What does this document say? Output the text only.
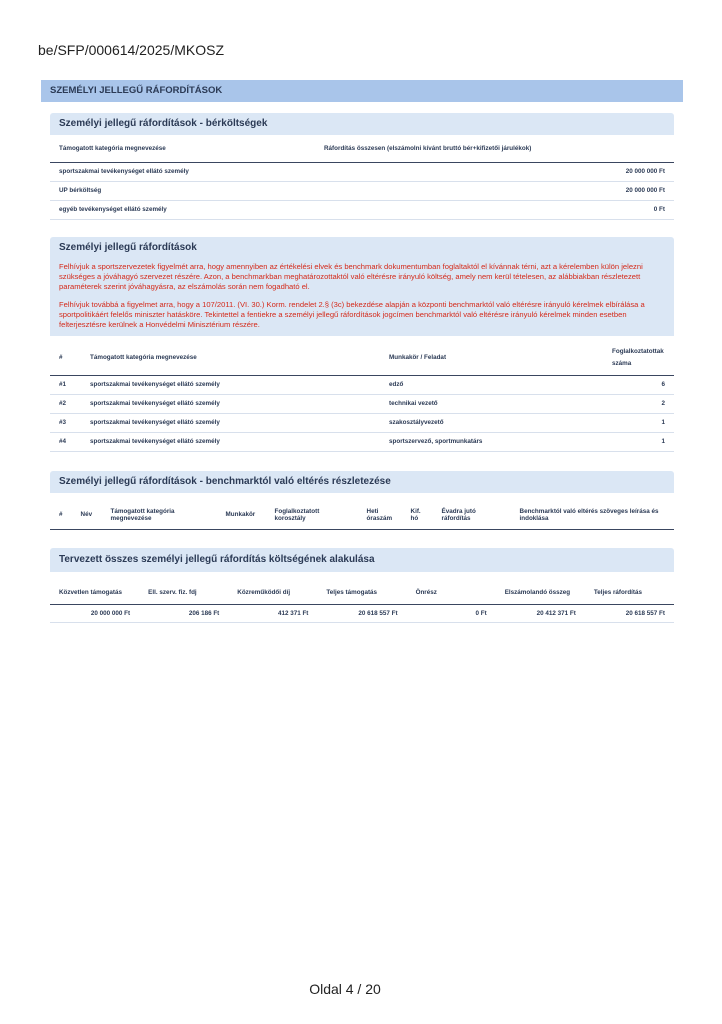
be/SFP/000614/2025/MKOSZ
SZEMÉLYI JELLEGŰ RÁFORDÍTÁSOK
Személyi jellegű ráfordítások - bérköltségek
Támogatott kategória megnevezése	Ráfordítás összesen (elszámolni kívánt bruttó bér+kifizetői járulékok)
sportszakmai tevékenységet ellátó személy	20 000 000 Ft
UP bérköltség	20 000 000 Ft
egyéb tevékenységet ellátó személy	0 Ft
Személyi jellegű ráfordítások

Felhívjuk a sportszervezetek figyelmét arra, hogy amennyiben az értékelési elvek és benchmark dokumentumban foglaltaktól el kívánnak térni, azt a kérelemben külön jelezni szükséges a jóváhagyó szervezet részére. Azon, a benchmarkban meghatározottaktól való eltérésre irányuló költség, amely nem kerül tételesen, az alábbiakban részletezett paraméterek szerint jóváhagyásra, az elszámolás során nem fogadható el.

Felhívjuk továbbá a figyelmet arra, hogy a 107/2011. (VI. 30.) Korm. rendelet 2.§ (3c) bekezdése alapján a központi benchmarktól való eltérésre irányuló kérelmek elbírálása a sportpolitikáért felelős miniszter hatásköre. Tekintettel a fentiekre a személyi jellegű ráfordítások jogcímen benchmarktól való eltérésre irányuló kérelmek minden esetben felterjesztésre kerülnek a Honvédelmi Minisztérium részére.

#	Támogatott kategória megnevezése	Munkakör / Feladat	Foglalkoztatottak száma
#1	sportszakmai tevékenységet ellátó személy	edző	6
#2	sportszakmai tevékenységet ellátó személy	technikai vezető	2
#3	sportszakmai tevékenységet ellátó személy	szakosztályvezető	1
#4	sportszakmai tevékenységet ellátó személy	sportszervező, sportmunkatárs	1
Személyi jellegű ráfordítások - benchmarktól való eltérés részletezése
#	Név	Támogatott kategória megnevezése	Munkakör	Foglalkoztatott korosztály	Heti óraszám	Kif. hó	Évadra jutó ráfordítás	Benchmarktól való eltérés szöveges leírása és indoklása
Tervezett összes személyi jellegű ráfordítás költségének alakulása
Közvetlen támogatás	Ell. szerv. fiz. fdj	Közreműködői díj	Teljes támogatás	Önrész	Elszámolandó összeg	Teljes ráfordítás
20 000 000 Ft	206 186 Ft	412 371 Ft	20 618 557 Ft	0 Ft	20 412 371 Ft	20 618 557 Ft
Oldal 4 / 20
